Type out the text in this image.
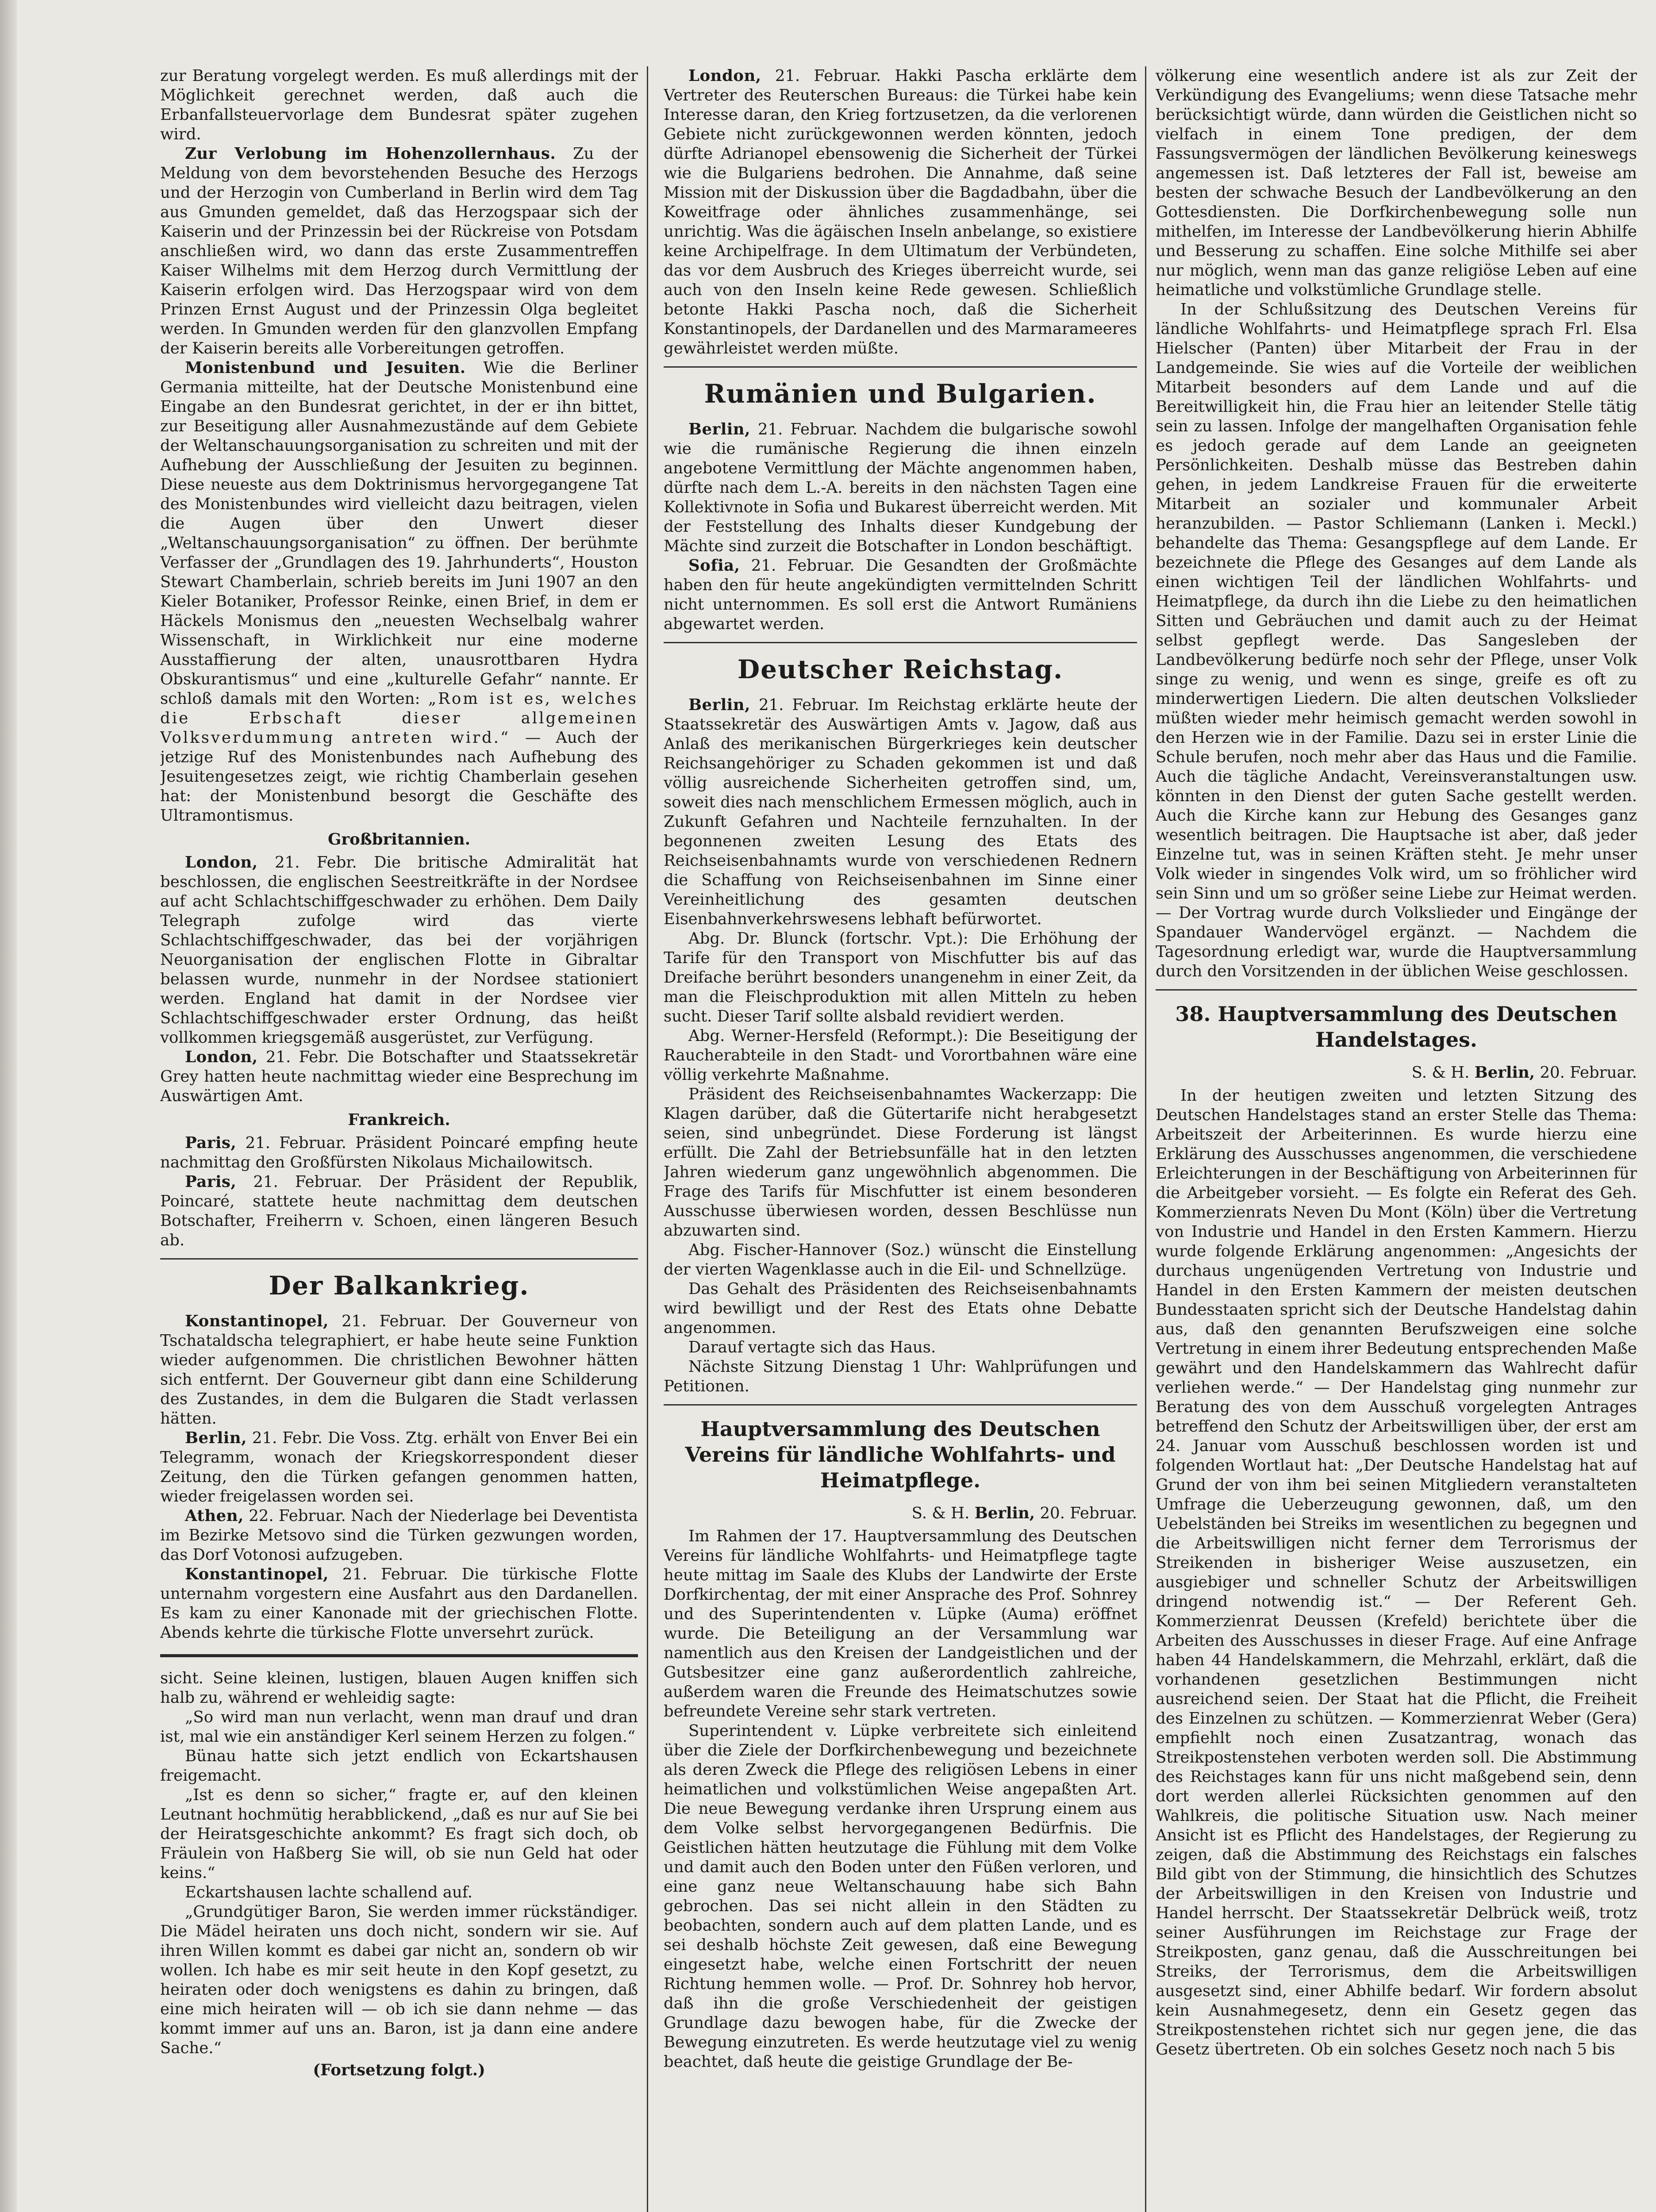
zur Beratung vorgelegt werden. Es muß allerdings mit der Möglichkeit gerechnet werden, daß auch die Erbanfallsteuervorlage dem Bundesrat später zugehen wird.

Zur Verlobung im Hohenzollernhaus. Zu der Meldung von dem bevorstehenden Besuche des Herzogs und der Herzogin von Cumberland in Berlin wird dem Tag aus Gmunden gemeldet, daß das Herzogspaar sich der Kaiserin und der Prinzessin bei der Rückreise von Potsdam anschließen wird, wo dann das erste Zusammentreffen Kaiser Wilhelms mit dem Herzog durch Vermittlung der Kaiserin erfolgen wird. Das Herzogspaar wird von dem Prinzen Ernst August und der Prinzessin Olga begleitet werden. In Gmunden werden für den glanzvollen Empfang der Kaiserin bereits alle Vorbereitungen getroffen.

Monistenbund und Jesuiten. Wie die Berliner Germania mitteilte, hat der Deutsche Monistenbund eine Eingabe an den Bundesrat gerichtet, in der er ihn bittet, zur Beseitigung aller Ausnahmezustände auf dem Gebiete der Weltanschauungsorganisation zu schreiten und mit der Aufhebung der Ausschließung der Jesuiten zu beginnen. Diese neueste aus dem Doktrinismus hervorgegangene Tat des Monistenbundes wird vielleicht dazu beitragen, vielen die Augen über den Unwert dieser „Weltanschauungsorganisation“ zu öffnen. Der berühmte Verfasser der „Grundlagen des 19. Jahrhunderts“, Houston Stewart Chamberlain, schrieb bereits im Juni 1907 an den Kieler Botaniker, Professor Reinke, einen Brief, in dem er Häckels Monismus den „neuesten Wechselbalg wahrer Wissenschaft, in Wirklichkeit nur eine moderne Ausstaffierung der alten, unausrottbaren Hydra Obskurantismus“ und eine „kulturelle Gefahr“ nannte. Er schloß damals mit den Worten: „Rom ist es, welches die Erbschaft dieser allgemeinen Volksverdummung antreten wird.“ — Auch der jetzige Ruf des Monistenbundes nach Aufhebung des Jesuitengesetzes zeigt, wie richtig Chamberlain gesehen hat: der Monistenbund besorgt die Geschäfte des Ultramontismus.

Großbritannien.

London, 21. Febr. Die britische Admiralität hat beschlossen, die englischen Seestreitkräfte in der Nordsee auf acht Schlachtschiffgeschwader zu erhöhen. Dem Daily Telegraph zufolge wird das vierte Schlachtschiffgeschwader, das bei der vorjährigen Neuorganisation der englischen Flotte in Gibraltar belassen wurde, nunmehr in der Nordsee stationiert werden. England hat damit in der Nordsee vier Schlachtschiffgeschwader erster Ordnung, das heißt vollkommen kriegsgemäß ausgerüstet, zur Verfügung.

London, 21. Febr. Die Botschafter und Staatssekretär Grey hatten heute nachmittag wieder eine Besprechung im Auswärtigen Amt.

Frankreich.

Paris, 21. Februar. Präsident Poincaré empfing heute nachmittag den Großfürsten Nikolaus Michailowitsch.

Paris, 21. Februar. Der Präsident der Republik, Poincaré, stattete heute nachmittag dem deutschen Botschafter, Freiherrn v. Schoen, einen längeren Besuch ab.

Der Balkankrieg.

Konstantinopel, 21. Februar. Der Gouverneur von Tschataldscha telegraphiert, er habe heute seine Funktion wieder aufgenommen. Die christlichen Bewohner hätten sich entfernt. Der Gouverneur gibt dann eine Schilderung des Zustandes, in dem die Bulgaren die Stadt verlassen hätten.

Berlin, 21. Febr. Die Voss. Ztg. erhält von Enver Bei ein Telegramm, wonach der Kriegskorrespondent dieser Zeitung, den die Türken gefangen genommen hatten, wieder freigelassen worden sei.

Athen, 22. Februar. Nach der Niederlage bei Deventista im Bezirke Metsovo sind die Türken gezwungen worden, das Dorf Votonosi aufzugeben.

Konstantinopel, 21. Februar. Die türkische Flotte unternahm vorgestern eine Ausfahrt aus den Dardanellen. Es kam zu einer Kanonade mit der griechischen Flotte. Abends kehrte die türkische Flotte unversehrt zurück.

sicht. Seine kleinen, lustigen, blauen Augen kniffen sich halb zu, während er wehleidig sagte:

„So wird man nun verlacht, wenn man drauf und dran ist, mal wie ein anständiger Kerl seinem Herzen zu folgen.“

Bünau hatte sich jetzt endlich von Eckartshausen freigemacht.

„Ist es denn so sicher,“ fragte er, auf den kleinen Leutnant hochmütig herabblickend, „daß es nur auf Sie bei der Heiratsgeschichte ankommt? Es fragt sich doch, ob Fräulein von Haßberg Sie will, ob sie nun Geld hat oder keins.“

Eckartshausen lachte schallend auf.

„Grundgütiger Baron, Sie werden immer rückständiger. Die Mädel heiraten uns doch nicht, sondern wir sie. Auf ihren Willen kommt es dabei gar nicht an, sondern ob wir wollen. Ich habe es mir seit heute in den Kopf gesetzt, zu heiraten oder doch wenigstens es dahin zu bringen, daß eine mich heiraten will — ob ich sie dann nehme — das kommt immer auf uns an. Baron, ist ja dann eine andere Sache.“

(Fortsetzung folgt.)

London, 21. Februar. Hakki Pascha erklärte dem Vertreter des Reuterschen Bureaus: die Türkei habe kein Interesse daran, den Krieg fortzusetzen, da die verlorenen Gebiete nicht zurückgewonnen werden könnten, jedoch dürfte Adrianopel ebensowenig die Sicherheit der Türkei wie die Bulgariens bedrohen. Die Annahme, daß seine Mission mit der Diskussion über die Bagdadbahn, über die Koweitfrage oder ähnliches zusammenhänge, sei unrichtig. Was die ägäischen Inseln anbelange, so existiere keine Archipelfrage. In dem Ultimatum der Verbündeten, das vor dem Ausbruch des Krieges überreicht wurde, sei auch von den Inseln keine Rede gewesen. Schließlich betonte Hakki Pascha noch, daß die Sicherheit Konstantinopels, der Dardanellen und des Marmarameeres gewährleistet werden müßte.

Rumänien und Bulgarien.

Berlin, 21. Februar. Nachdem die bulgarische sowohl wie die rumänische Regierung die ihnen einzeln angebotene Vermittlung der Mächte angenommen haben, dürfte nach dem L.-A. bereits in den nächsten Tagen eine Kollektivnote in Sofia und Bukarest überreicht werden. Mit der Feststellung des Inhalts dieser Kundgebung der Mächte sind zurzeit die Botschafter in London beschäftigt.

Sofia, 21. Februar. Die Gesandten der Großmächte haben den für heute angekündigten vermittelnden Schritt nicht unternommen. Es soll erst die Antwort Rumäniens abgewartet werden.

Deutscher Reichstag.

Berlin, 21. Februar. Im Reichstag erklärte heute der Staatssekretär des Auswärtigen Amts v. Jagow, daß aus Anlaß des merikanischen Bürgerkrieges kein deutscher Reichsangehöriger zu Schaden gekommen ist und daß völlig ausreichende Sicherheiten getroffen sind, um, soweit dies nach menschlichem Ermessen möglich, auch in Zukunft Gefahren und Nachteile fernzuhalten. In der begonnenen zweiten Lesung des Etats des Reichseisenbahnamts wurde von verschiedenen Rednern die Schaffung von Reichseisenbahnen im Sinne einer Vereinheitlichung des gesamten deutschen Eisenbahnverkehrswesens lebhaft befürwortet.

Abg. Dr. Blunck (fortschr. Vpt.): Die Erhöhung der Tarife für den Transport von Mischfutter bis auf das Dreifache berührt besonders unangenehm in einer Zeit, da man die Fleischproduktion mit allen Mitteln zu heben sucht. Dieser Tarif sollte alsbald revidiert werden.

Abg. Werner-Hersfeld (Reformpt.): Die Beseitigung der Raucherabteile in den Stadt- und Vorortbahnen wäre eine völlig verkehrte Maßnahme.

Präsident des Reichseisenbahnamtes Wackerzapp: Die Klagen darüber, daß die Gütertarife nicht herabgesetzt seien, sind unbegründet. Diese Forderung ist längst erfüllt. Die Zahl der Betriebsunfälle hat in den letzten Jahren wiederum ganz ungewöhnlich abgenommen. Die Frage des Tarifs für Mischfutter ist einem besonderen Ausschusse überwiesen worden, dessen Beschlüsse nun abzuwarten sind.

Abg. Fischer-Hannover (Soz.) wünscht die Einstellung der vierten Wagenklasse auch in die Eil- und Schnellzüge.

Das Gehalt des Präsidenten des Reichseisenbahnamts wird bewilligt und der Rest des Etats ohne Debatte angenommen.

Darauf vertagte sich das Haus.

Nächste Sitzung Dienstag 1 Uhr: Wahlprüfungen und Petitionen.

Hauptversammlung des Deutschen Vereins für ländliche Wohlfahrts- und Heimatpflege.
S. & H. Berlin, 20. Februar.

Im Rahmen der 17. Hauptversammlung des Deutschen Vereins für ländliche Wohlfahrts- und Heimatpflege tagte heute mittag im Saale des Klubs der Landwirte der Erste Dorfkirchentag, der mit einer Ansprache des Prof. Sohnrey und des Superintendenten v. Lüpke (Auma) eröffnet wurde. Die Beteiligung an der Versammlung war namentlich aus den Kreisen der Landgeistlichen und der Gutsbesitzer eine ganz außerordentlich zahlreiche, außerdem waren die Freunde des Heimatschutzes sowie befreundete Vereine sehr stark vertreten.

Superintendent v. Lüpke verbreitete sich einleitend über die Ziele der Dorfkirchenbewegung und bezeichnete als deren Zweck die Pflege des religiösen Lebens in einer heimatlichen und volkstümlichen Weise angepaßten Art. Die neue Bewegung verdanke ihren Ursprung einem aus dem Volke selbst hervorgegangenen Bedürfnis. Die Geistlichen hätten heutzutage die Fühlung mit dem Volke und damit auch den Boden unter den Füßen verloren, und eine ganz neue Weltanschauung habe sich Bahn gebrochen. Das sei nicht allein in den Städten zu beobachten, sondern auch auf dem platten Lande, und es sei deshalb höchste Zeit gewesen, daß eine Bewegung eingesetzt habe, welche einen Fortschritt der neuen Richtung hemmen wolle. — Prof. Dr. Sohnrey hob hervor, daß ihn die große Verschiedenheit der geistigen Grundlage dazu bewogen habe, für die Zwecke der Bewegung einzutreten. Es werde heutzutage viel zu wenig beachtet, daß heute die geistige Grundlage der Be-

völkerung eine wesentlich andere ist als zur Zeit der Verkündigung des Evangeliums; wenn diese Tatsache mehr berücksichtigt würde, dann würden die Geistlichen nicht so vielfach in einem Tone predigen, der dem Fassungsvermögen der ländlichen Bevölkerung keineswegs angemessen ist. Daß letzteres der Fall ist, beweise am besten der schwache Besuch der Landbevölkerung an den Gottesdiensten. Die Dorfkirchenbewegung solle nun mithelfen, im Interesse der Landbevölkerung hierin Abhilfe und Besserung zu schaffen. Eine solche Mithilfe sei aber nur möglich, wenn man das ganze religiöse Leben auf eine heimatliche und volkstümliche Grundlage stelle.

In der Schlußsitzung des Deutschen Vereins für ländliche Wohlfahrts- und Heimatpflege sprach Frl. Elsa Hielscher (Panten) über Mitarbeit der Frau in der Landgemeinde. Sie wies auf die Vorteile der weiblichen Mitarbeit besonders auf dem Lande und auf die Bereitwilligkeit hin, die Frau hier an leitender Stelle tätig sein zu lassen. Infolge der mangelhaften Organisation fehle es jedoch gerade auf dem Lande an geeigneten Persönlichkeiten. Deshalb müsse das Bestreben dahin gehen, in jedem Landkreise Frauen für die erweiterte Mitarbeit an sozialer und kommunaler Arbeit heranzubilden. — Pastor Schliemann (Lanken i. Meckl.) behandelte das Thema: Gesangspflege auf dem Lande. Er bezeichnete die Pflege des Gesanges auf dem Lande als einen wichtigen Teil der ländlichen Wohlfahrts- und Heimatpflege, da durch ihn die Liebe zu den heimatlichen Sitten und Gebräuchen und damit auch zu der Heimat selbst gepflegt werde. Das Sangesleben der Landbevölkerung bedürfe noch sehr der Pflege, unser Volk singe zu wenig, und wenn es singe, greife es oft zu minderwertigen Liedern. Die alten deutschen Volkslieder müßten wieder mehr heimisch gemacht werden sowohl in den Herzen wie in der Familie. Dazu sei in erster Linie die Schule berufen, noch mehr aber das Haus und die Familie. Auch die tägliche Andacht, Vereinsveranstaltungen usw. könnten in den Dienst der guten Sache gestellt werden. Auch die Kirche kann zur Hebung des Gesanges ganz wesentlich beitragen. Die Hauptsache ist aber, daß jeder Einzelne tut, was in seinen Kräften steht. Je mehr unser Volk wieder in singendes Volk wird, um so fröhlicher wird sein Sinn und um so größer seine Liebe zur Heimat werden. — Der Vortrag wurde durch Volkslieder und Eingänge der Spandauer Wandervögel ergänzt. — Nachdem die Tagesordnung erledigt war, wurde die Hauptversammlung durch den Vorsitzenden in der üblichen Weise geschlossen.

38. Hauptversammlung des Deutschen Handelstages.
S. & H. Berlin, 20. Februar.

In der heutigen zweiten und letzten Sitzung des Deutschen Handelstages stand an erster Stelle das Thema: Arbeitszeit der Arbeiterinnen. Es wurde hierzu eine Erklärung des Ausschusses angenommen, die verschiedene Erleichterungen in der Beschäftigung von Arbeiterinnen für die Arbeitgeber vorsieht. — Es folgte ein Referat des Geh. Kommerzienrats Neven Du Mont (Köln) über die Vertretung von Industrie und Handel in den Ersten Kammern. Hierzu wurde folgende Erklärung angenommen: „Angesichts der durchaus ungenügenden Vertretung von Industrie und Handel in den Ersten Kammern der meisten deutschen Bundesstaaten spricht sich der Deutsche Handelstag dahin aus, daß den genannten Berufszweigen eine solche Vertretung in einem ihrer Bedeutung entsprechenden Maße gewährt und den Handelskammern das Wahlrecht dafür verliehen werde.“ — Der Handelstag ging nunmehr zur Beratung des von dem Ausschuß vorgelegten Antrages betreffend den Schutz der Arbeitswilligen über, der erst am 24. Januar vom Ausschuß beschlossen worden ist und folgenden Wortlaut hat: „Der Deutsche Handelstag hat auf Grund der von ihm bei seinen Mitgliedern veranstalteten Umfrage die Ueberzeugung gewonnen, daß, um den Uebelständen bei Streiks im wesentlichen zu begegnen und die Arbeitswilligen nicht ferner dem Terrorismus der Streikenden in bisheriger Weise auszusetzen, ein ausgiebiger und schneller Schutz der Arbeitswilligen dringend notwendig ist.“ — Der Referent Geh. Kommerzienrat Deussen (Krefeld) berichtete über die Arbeiten des Ausschusses in dieser Frage. Auf eine Anfrage haben 44 Handelskammern, die Mehrzahl, erklärt, daß die vorhandenen gesetzlichen Bestimmungen nicht ausreichend seien. Der Staat hat die Pflicht, die Freiheit des Einzelnen zu schützen. — Kommerzienrat Weber (Gera) empfiehlt noch einen Zusatzantrag, wonach das Streikpostenstehen verboten werden soll. Die Abstimmung des Reichstages kann für uns nicht maßgebend sein, denn dort werden allerlei Rücksichten genommen auf den Wahlkreis, die politische Situation usw. Nach meiner Ansicht ist es Pflicht des Handelstages, der Regierung zu zeigen, daß die Abstimmung des Reichstags ein falsches Bild gibt von der Stimmung, die hinsichtlich des Schutzes der Arbeitswilligen in den Kreisen von Industrie und Handel herrscht. Der Staatssekretär Delbrück weiß, trotz seiner Ausführungen im Reichstage zur Frage der Streikposten, ganz genau, daß die Ausschreitungen bei Streiks, der Terrorismus, dem die Arbeitswilligen ausgesetzt sind, einer Abhilfe bedarf. Wir fordern absolut kein Ausnahmegesetz, denn ein Gesetz gegen das Streikpostenstehen richtet sich nur gegen jene, die das Gesetz übertreten. Ob ein solches Gesetz noch nach 5 bis
